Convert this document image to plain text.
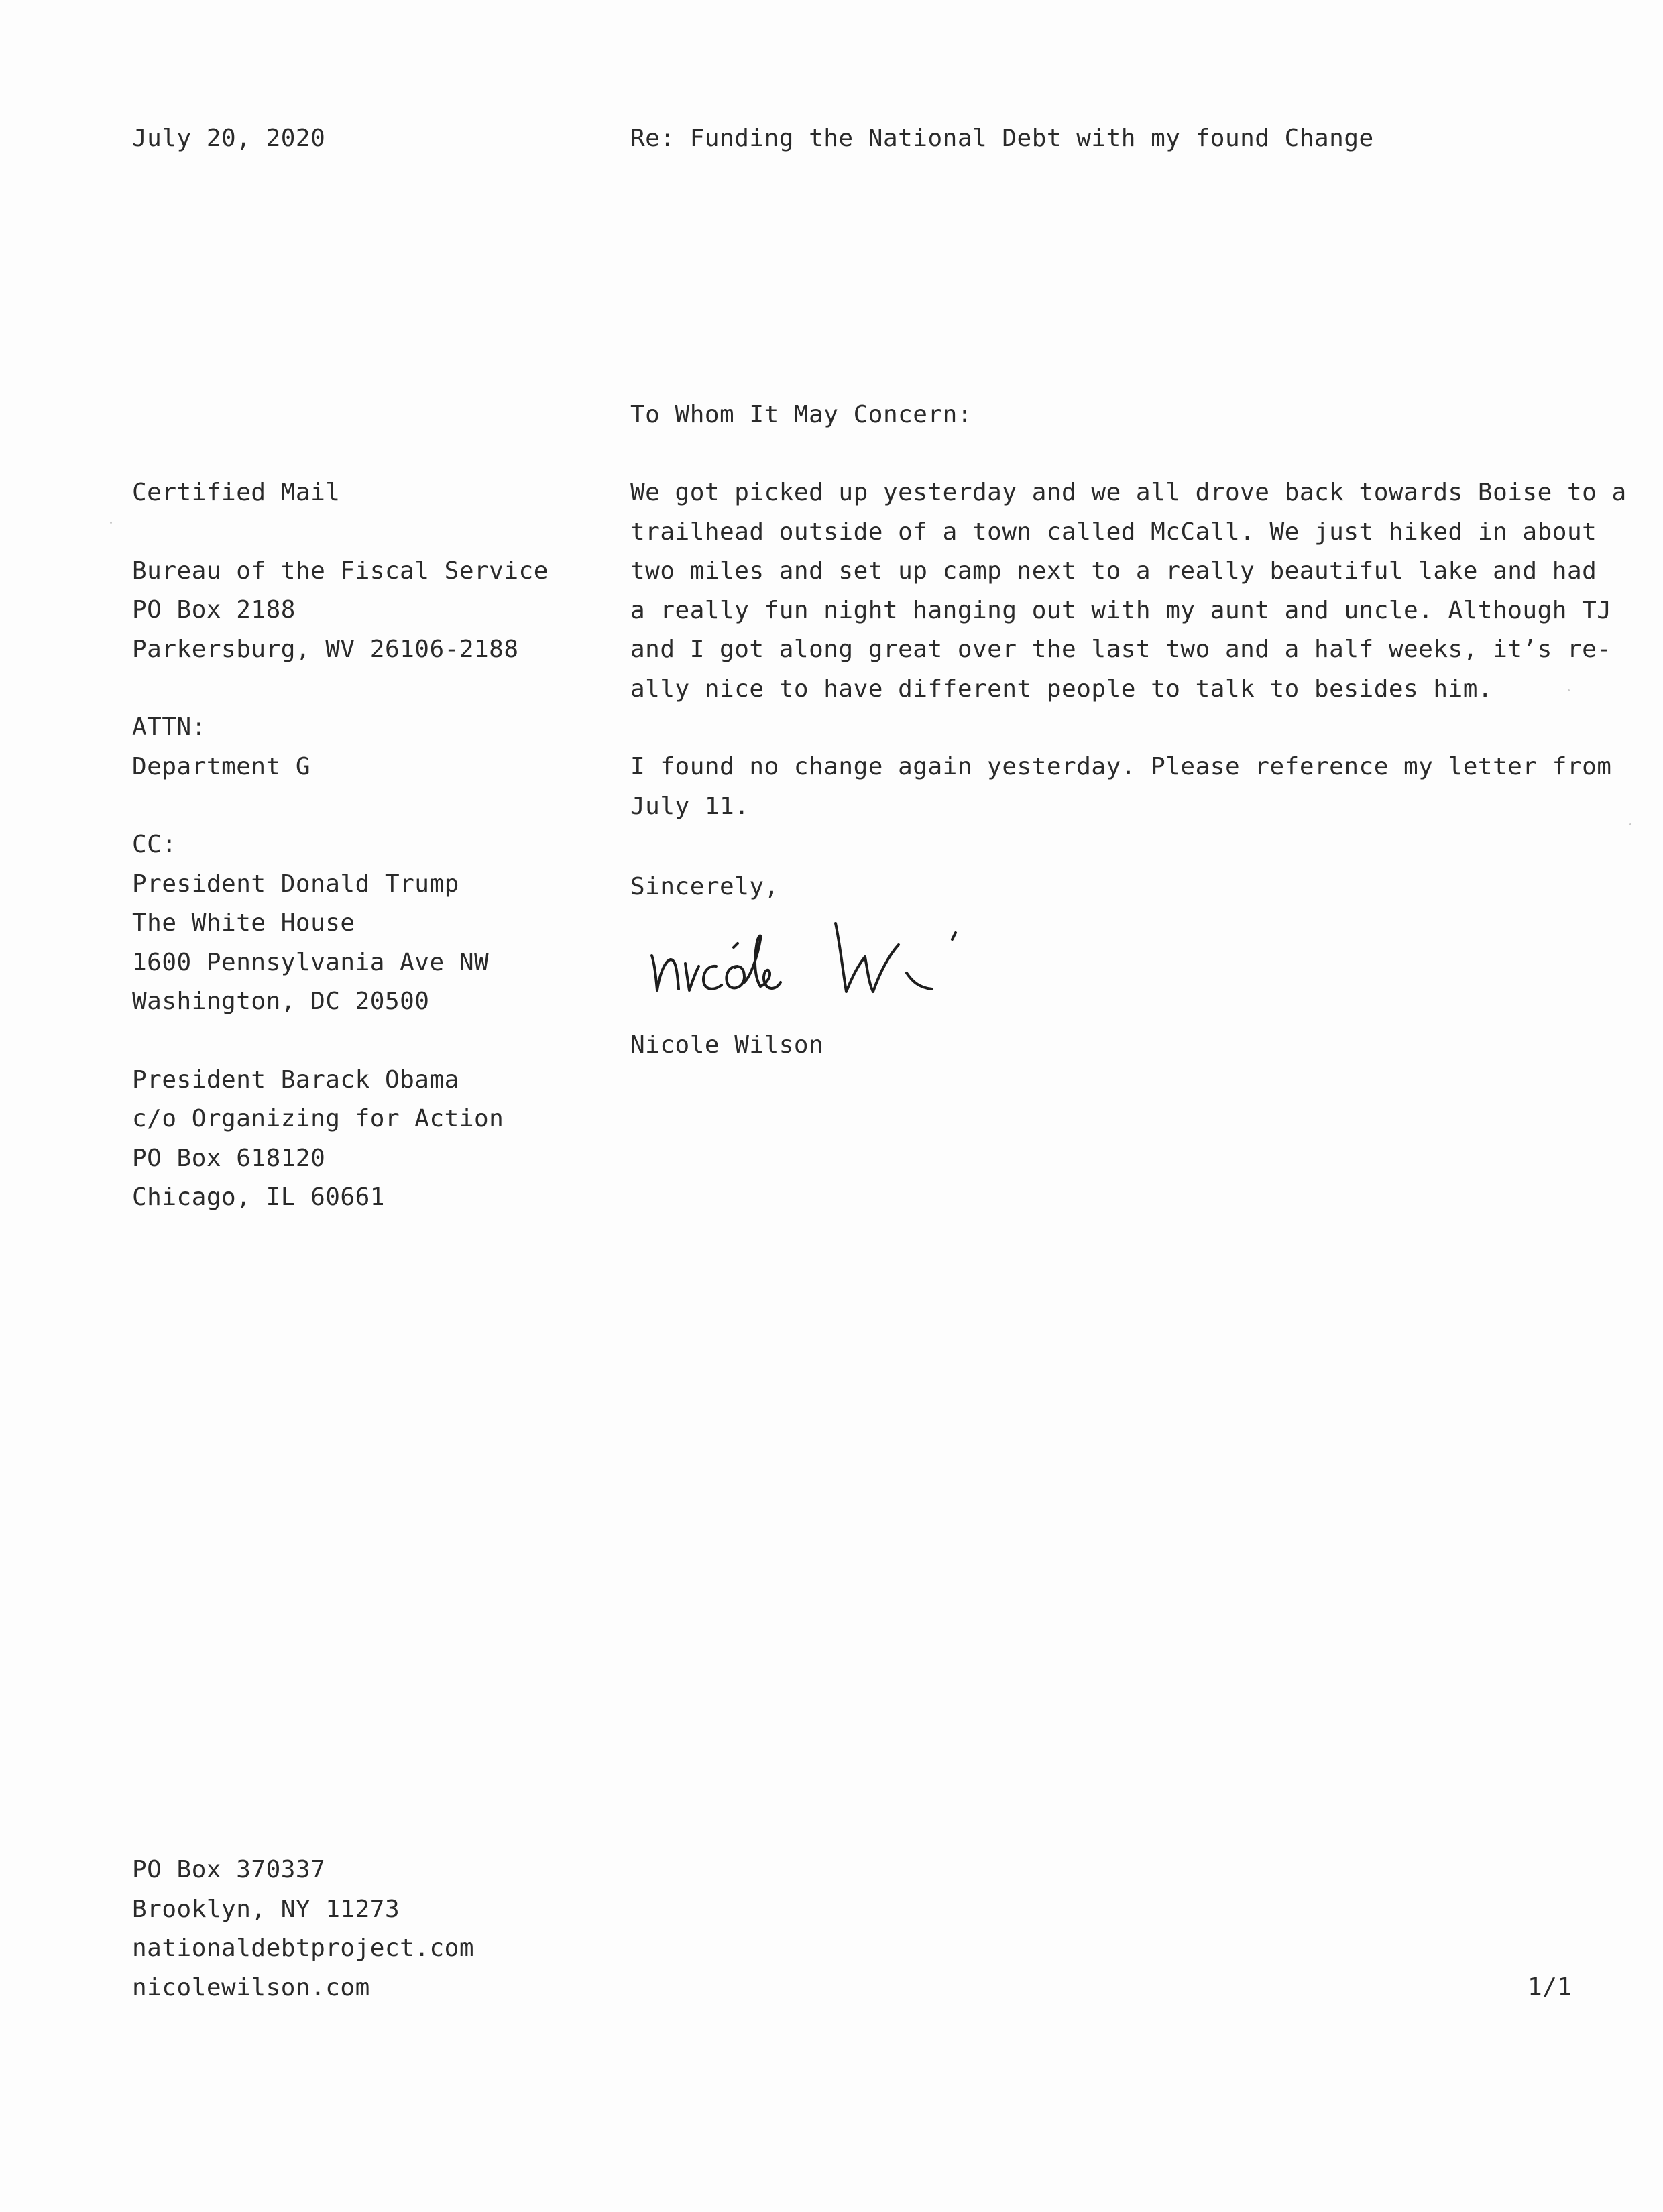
July 20, 2020	Re: Funding the National Debt with my found Change
To Whom It May Concern:
Certified Mail
Bureau of the Fiscal Service
PO Box 2188
Parkersburg, WV 26106-2188
ATTN:
Department G
CC:
President Donald Trump
The White House
1600 Pennsylvania Ave NW
Washington, DC 20500
President Barack Obama
c/o Organizing for Action
PO Box 618120
Chicago, IL 60661
We got picked up yesterday and we all drove back towards Boise to a
trailhead outside of a town called McCall. We just hiked in about
two miles and set up camp next to a really beautiful lake and had
a really fun night hanging out with my aunt and uncle. Although TJ
and I got along great over the last two and a half weeks, it’s re-
ally nice to have different people to talk to besides him.
I found no change again yesterday. Please reference my letter from
July 11.
Sincerely,
Nicole Wilson
PO Box 370337
Brooklyn, NY 11273
nationaldebtproject.com
nicolewilson.com	1/1
